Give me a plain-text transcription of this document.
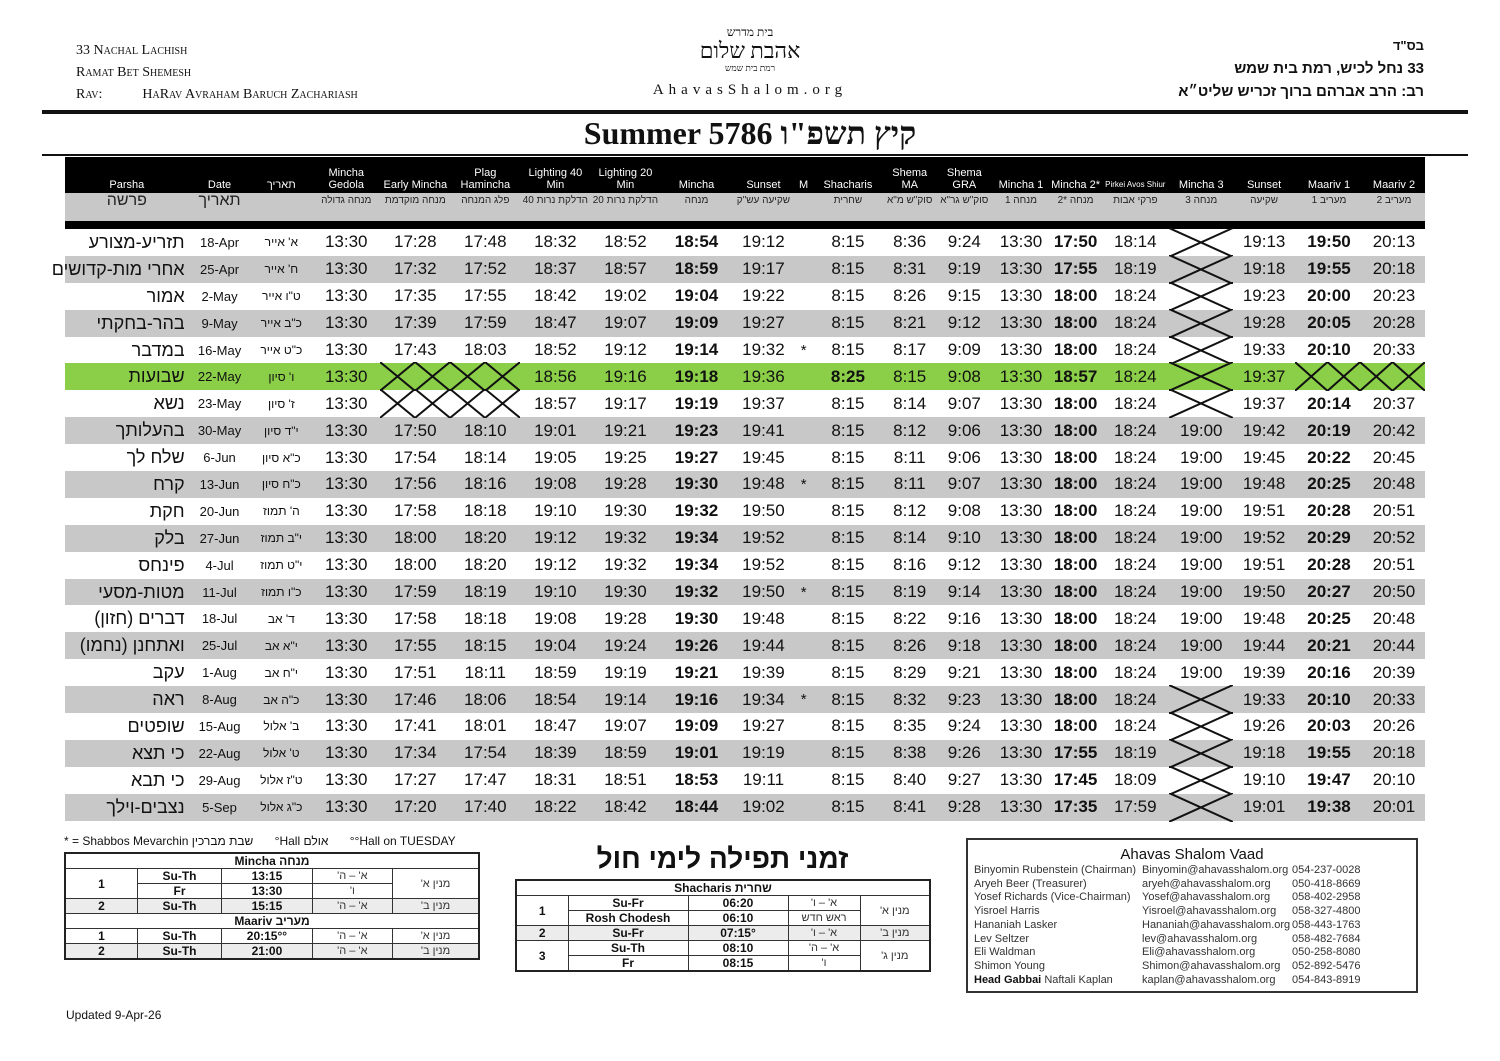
33 Nachal Lachish
Ramat Bet Shemesh
Rav:	HaRav Avraham Baruch Zachariash
בית מדרש
אהבת שלום
רמת בית שמש
AhavasShalom.org
בס"ד
33 נחל לכיש, רמת בית שמש
רב: הרב אברהם ברוך זכריש שליט״א
Summer 5786 קיץ תשפ"ו
Parsha	Date	תאריך	Mincha Gedola	Early Mincha	Plag Hamincha	Lighting 40 Min	Lighting 20 Min	Mincha	Sunset	M	Shacharis	Shema MA	Shema GRA	Mincha 1	Mincha 2*	Pirkei Avos Shiur	Mincha 3	Sunset	Maariv 1	Maariv 2
פרשה	תאריך		מנחה גדולה	מנחה מוקדמת	פלג המנחה	הדלקת נרות 40	הדלקת נרות 20	מנחה	שקיעה עש"ק		שחרית	סוק"ש מ"א	סוק"ש גר"א	מנחה 1	מנחה *2	פרקי אבות	מנחה 3	שקיעה	מעריב 1	מעריב 2

תזריע-מצורע	18-Apr	א' אייר	13:30	17:28	17:48	18:32	18:52	18:54	19:12		8:15	8:36	9:24	13:30	17:50	18:14		19:13	19:50	20:13
אחרי מות-קדושים	25-Apr	ח' אייר	13:30	17:32	17:52	18:37	18:57	18:59	19:17		8:15	8:31	9:19	13:30	17:55	18:19		19:18	19:55	20:18
אמור	2-May	ט"ו אייר	13:30	17:35	17:55	18:42	19:02	19:04	19:22		8:15	8:26	9:15	13:30	18:00	18:24		19:23	20:00	20:23
בהר-בחקתי	9-May	כ"ב אייר	13:30	17:39	17:59	18:47	19:07	19:09	19:27		8:15	8:21	9:12	13:30	18:00	18:24		19:28	20:05	20:28
במדבר	16-May	כ"ט אייר	13:30	17:43	18:03	18:52	19:12	19:14	19:32	*	8:15	8:17	9:09	13:30	18:00	18:24		19:33	20:10	20:33
שבועות	22-May	ו' סיון	13:30			18:56	19:16	19:18	19:36		8:25	8:15	9:08	13:30	18:57	18:24		19:37	

נשא	23-May	ז' סיון	13:30			18:57	19:17	19:19	19:37		8:15	8:14	9:07	13:30	18:00	18:24		19:37	20:14	20:37
בהעלותך	30-May	י"ד סיון	13:30	17:50	18:10	19:01	19:21	19:23	19:41		8:15	8:12	9:06	13:30	18:00	18:24	19:00	19:42	20:19	20:42
שלח לך	6-Jun	כ"א סיון	13:30	17:54	18:14	19:05	19:25	19:27	19:45		8:15	8:11	9:06	13:30	18:00	18:24	19:00	19:45	20:22	20:45
קרח	13-Jun	כ"ח סיון	13:30	17:56	18:16	19:08	19:28	19:30	19:48	*	8:15	8:11	9:07	13:30	18:00	18:24	19:00	19:48	20:25	20:48
חקת	20-Jun	ה' תמוז	13:30	17:58	18:18	19:10	19:30	19:32	19:50		8:15	8:12	9:08	13:30	18:00	18:24	19:00	19:51	20:28	20:51
בלק	27-Jun	י"ב תמוז	13:30	18:00	18:20	19:12	19:32	19:34	19:52		8:15	8:14	9:10	13:30	18:00	18:24	19:00	19:52	20:29	20:52
פינחס	4-Jul	י"ט תמוז	13:30	18:00	18:20	19:12	19:32	19:34	19:52		8:15	8:16	9:12	13:30	18:00	18:24	19:00	19:51	20:28	20:51
מטות-מסעי	11-Jul	כ"ו תמוז	13:30	17:59	18:19	19:10	19:30	19:32	19:50	*	8:15	8:19	9:14	13:30	18:00	18:24	19:00	19:50	20:27	20:50
דברים (חזון)	18-Jul	ד' אב	13:30	17:58	18:18	19:08	19:28	19:30	19:48		8:15	8:22	9:16	13:30	18:00	18:24	19:00	19:48	20:25	20:48
ואתחנן (נחמו)	25-Jul	י"א אב	13:30	17:55	18:15	19:04	19:24	19:26	19:44		8:15	8:26	9:18	13:30	18:00	18:24	19:00	19:44	20:21	20:44
עקב	1-Aug	י"ח אב	13:30	17:51	18:11	18:59	19:19	19:21	19:39		8:15	8:29	9:21	13:30	18:00	18:24	19:00	19:39	20:16	20:39
ראה	8-Aug	כ"ה אב	13:30	17:46	18:06	18:54	19:14	19:16	19:34	*	8:15	8:32	9:23	13:30	18:00	18:24		19:33	20:10	20:33
שופטים	15-Aug	ב' אלול	13:30	17:41	18:01	18:47	19:07	19:09	19:27		8:15	8:35	9:24	13:30	18:00	18:24		19:26	20:03	20:26
כי תצא	22-Aug	ט' אלול	13:30	17:34	17:54	18:39	18:59	19:01	19:19		8:15	8:38	9:26	13:30	17:55	18:19		19:18	19:55	20:18
כי תבא	29-Aug	ט"ז אלול	13:30	17:27	17:47	18:31	18:51	18:53	19:11		8:15	8:40	9:27	13:30	17:45	18:09		19:10	19:47	20:10
נצבים-וילך	5-Sep	כ"ג אלול	13:30	17:20	17:40	18:22	18:42	18:44	19:02		8:15	8:41	9:28	13:30	17:35	17:59		19:01	19:38	20:01
* = Shabbos Mevarchin שבת מברכין °Hall אולם °°Hall on TUESDAY
Mincha מנחה				
1	Su-Th	13:15	א' – ה'	מנין א'
	Fr	13:30	ו'	
2	Su-Th	15:15	א' – ה'	מנין ב'
Maariv מעריב				
1	Su-Th	20:15°°	א' – ה'	מנין א'
2	Su-Th	21:00	א' – ה'	מנין ב'
זמני תפילה לימי חול
Shacharis שחרית				
1	Su-Fr	06:20	א' – ו'	מנין א'
	Rosh Chodesh	06:10	ראש חדש	
2	Su-Fr	07:15°	א' – ו'	מנין ב'
3	Su-Th	08:10	א' – ה'	מנין ג'
	Fr	08:15	ו'	
Ahavas Shalom Vaad
Binyomin Rubenstein (Chairman) Binyomin@ahavasshalom.org 054-237-0028
Aryeh Beer (Treasurer)	aryeh@ahavasshalom.org	050-418-8669
Yosef Richards (Vice-Chairman)	Yosef@ahavasshalom.org	058-402-2958
Yisroel Harris	Yisroel@ahavasshalom.org	058-327-4800
Hananiah Lasker	Hananiah@ahavasshalom.org 058-443-1763
Lev Seltzer	lev@ahavasshalom.org	058-482-7684
Eli Waldman	Eli@ahavasshalom.org	050-258-8080
Shimon Young	Shimon@ahavasshalom.org	052-892-5476
Head Gabbai Naftali Kaplan	kaplan@ahavasshalom.org	054-843-8919
Updated 9-Apr-26
